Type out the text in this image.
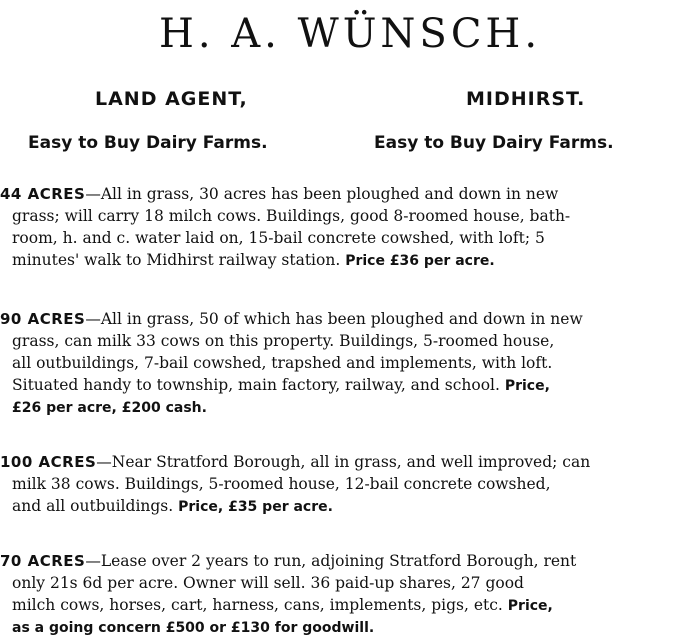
H. A. WÜNSCH.
LAND AGENT,	MIDHIRST.
Easy to Buy Dairy Farms.	Easy to Buy Dairy Farms.
44 ACRES—All in grass, 30 acres has been ploughed and down in new
grass; will carry 18 milch cows. Buildings, good 8-roomed house, bath-
room, h. and c. water laid on, 15-bail concrete cowshed, with loft; 5
minutes' walk to Midhirst railway station. Price £36 per acre.
90 ACRES—All in grass, 50 of which has been ploughed and down in new
grass, can milk 33 cows on this property. Buildings, 5-roomed house,
all outbuildings, 7-bail cowshed, trapshed and implements, with loft.
Situated handy to township, main factory, railway, and school. Price,
£26 per acre, £200 cash.
100 ACRES—Near Stratford Borough, all in grass, and well improved; can
milk 38 cows. Buildings, 5-roomed house, 12-bail concrete cowshed,
and all outbuildings. Price, £35 per acre.
70 ACRES—Lease over 2 years to run, adjoining Stratford Borough, rent
only 21s 6d per acre. Owner will sell. 36 paid-up shares, 27 good
milch cows, horses, cart, harness, cans, implements, pigs, etc. Price,
as a going concern £500 or £130 for goodwill.
